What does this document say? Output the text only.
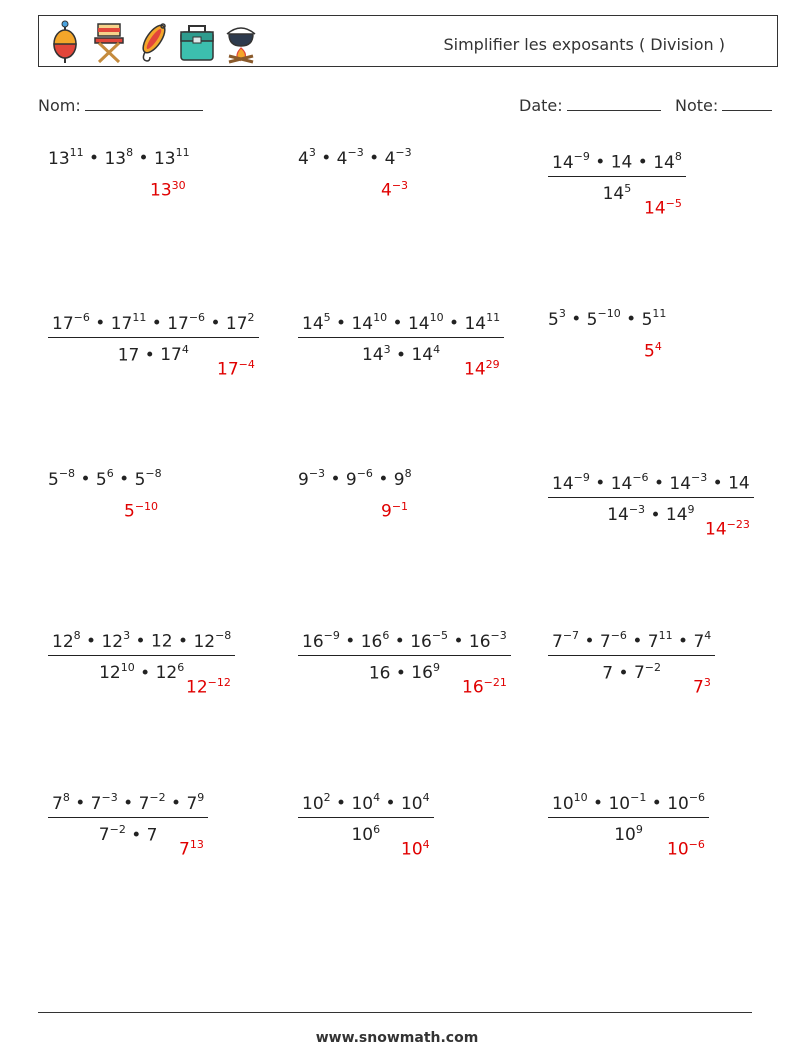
Simplifier les exposants ( Division )
Nom:	Date:	Note:
$13^{11}$ • $13^8$ • $13^{11}$
$13^{30}$
$4^3$ • $4^{-3}$ • $4^{-3}$
$4^{-3}$	$\frac{14^{-9} • 14 • 14^8}{14^5}$
$14^{-5}$
$\frac{17^{-6} • 17^{11} • 17^{-6} • 17^2}{17 • 17^4}$
$17^{-4}$	$\frac{14^5 • 14^{10} • 14^{10} • 14^{11}}{14^3 • 14^4}$
$14^{29}$
$5^3$ • $5^{-10}$ • $5^{11}$
$5^4$
$5^{-8}$ • $5^6$ • $5^{-8}$
$5^{-10}$
$9^{-3}$ • $9^{-6}$ • $9^8$
$9^{-1}$	$\frac{14^{-9} • 14^{-6} • 14^{-3} • 14}{14^{-3} • 14^9}$
$14^{-23}$
$\frac{12^8 • 12^3 • 12 • 12^{-8}}{12^{10} • 12^6}$
$12^{-12}$	$\frac{16^{-9} • 16^6 • 16^{-5} • 16^{-3}}{16 • 16^9}$
$16^{-21} \frac{7^{-7} • 7^{-6} • 7^{11} • 7^4}{7 • 7^{-2}}$
$7^3$
$\frac{7^8 • 7^{-3} • 7^{-2} • 7^9}{7^{-2} • 7}$
$7^{13}$	$\frac{10^2 • 10^4 • 10^4}{10^6}$
$10^4$	$\frac{10^{10} • 10^{-1} • 10^{-6}}{10^9}$
$10^{-6}$
www.snowmath.com
